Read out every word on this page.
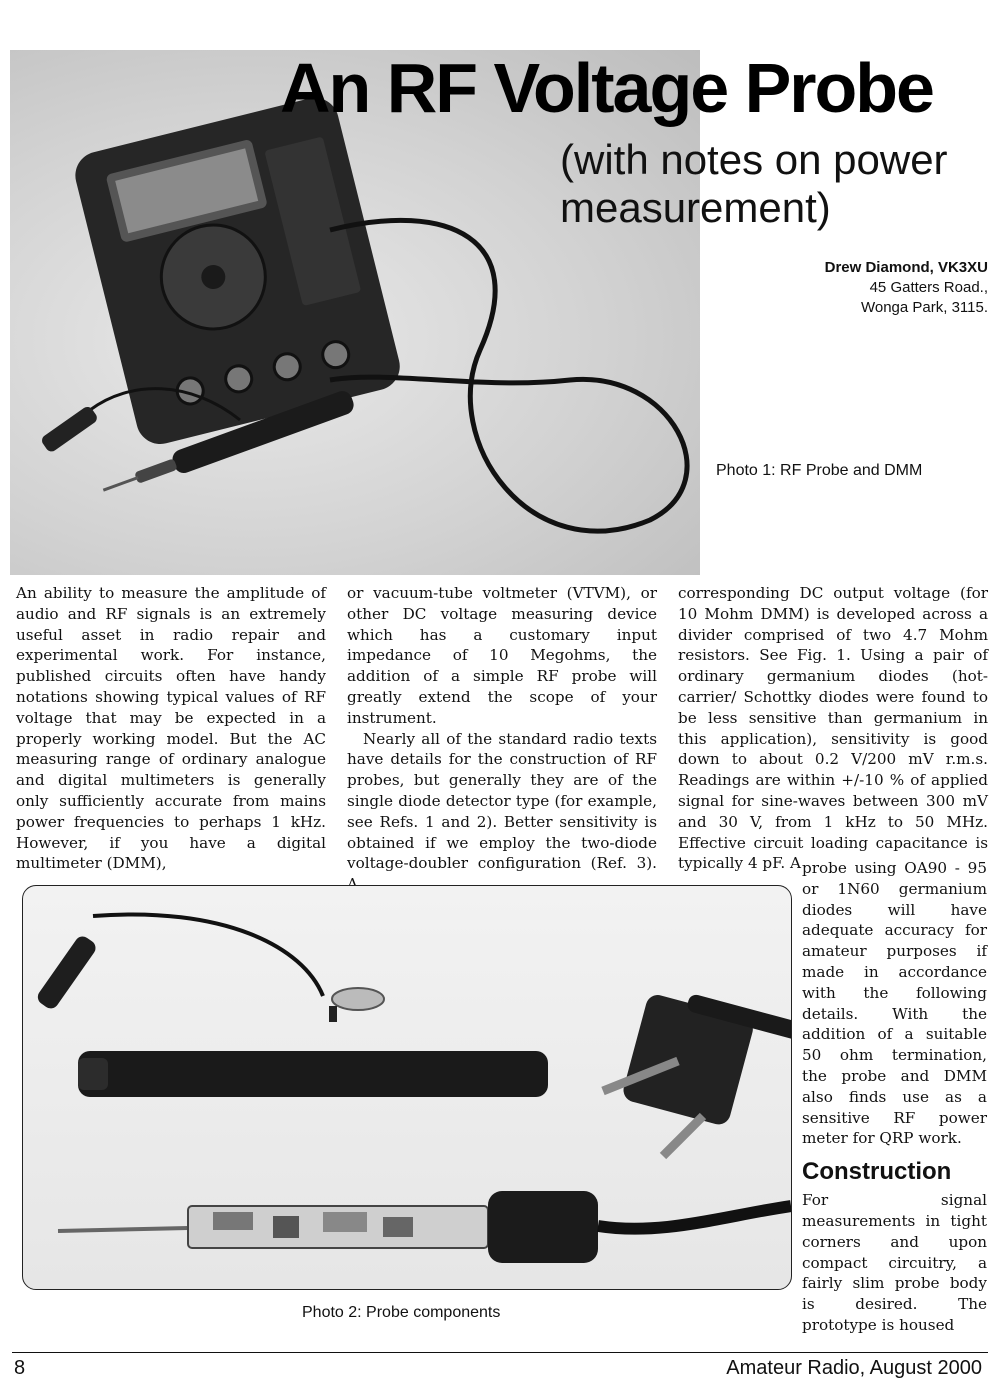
An RF Voltage Probe
(with notes on power measurement)
Drew Diamond, VK3XU
45 Gatters Road.,
Wonga Park, 3115.
Photo 1: RF Probe and DMM

An ability to measure the amplitude of audio and RF signals is an extremely useful asset in radio repair and experimental work. For instance, published circuits often have handy notations showing typical values of RF voltage that may be expected in a properly working model. But the AC measuring range of ordinary analogue and digital multimeters is generally only sufficiently accurate from mains power frequencies to perhaps 1 kHz. However, if you have a digital multimeter (DMM),

or vacuum-tube voltmeter (VTVM), or other DC voltage measuring device which has a customary input impedance of 10 Megohms, the addition of a simple RF probe will greatly extend the scope of your instrument.

Nearly all of the standard radio texts have details for the construction of RF probes, but generally they are of the single diode detector type (for example, see Refs. 1 and 2). Better sensitivity is obtained if we employ the two-diode voltage-doubler configuration (Ref. 3).

corresponding DC output voltage (for 10 Mohm DMM) is developed across a divider comprised of two 4.7 Mohm resistors. See Fig. 1. Using a pair of ordinary germanium diodes (hot-carrier/ Schottky diodes were found to be less sensitive than germanium in this application), sensitivity is good down to about 0.2 V/200 mV r.m.s. Readings are within +/-10 % of applied signal for sine-waves between 300 mV and 30 V, from 1 kHz to 50 MHz. Effective circuit loading capacitance is typically 4 pF. A probe using OA90 - 95 or 1N60 germanium diodes will have adequate accuracy for amateur purposes if made in accordance with the following details. With the addition of a suitable 50 ohm termination, the probe and DMM also finds use as a sensitive RF power meter for QRP work.

Construction

For signal measurements in tight corners and upon compact circuitry, a fairly slim probe body is desired. The prototype is housed

Photo 2: Probe components
8	Amateur Radio, August 2000
